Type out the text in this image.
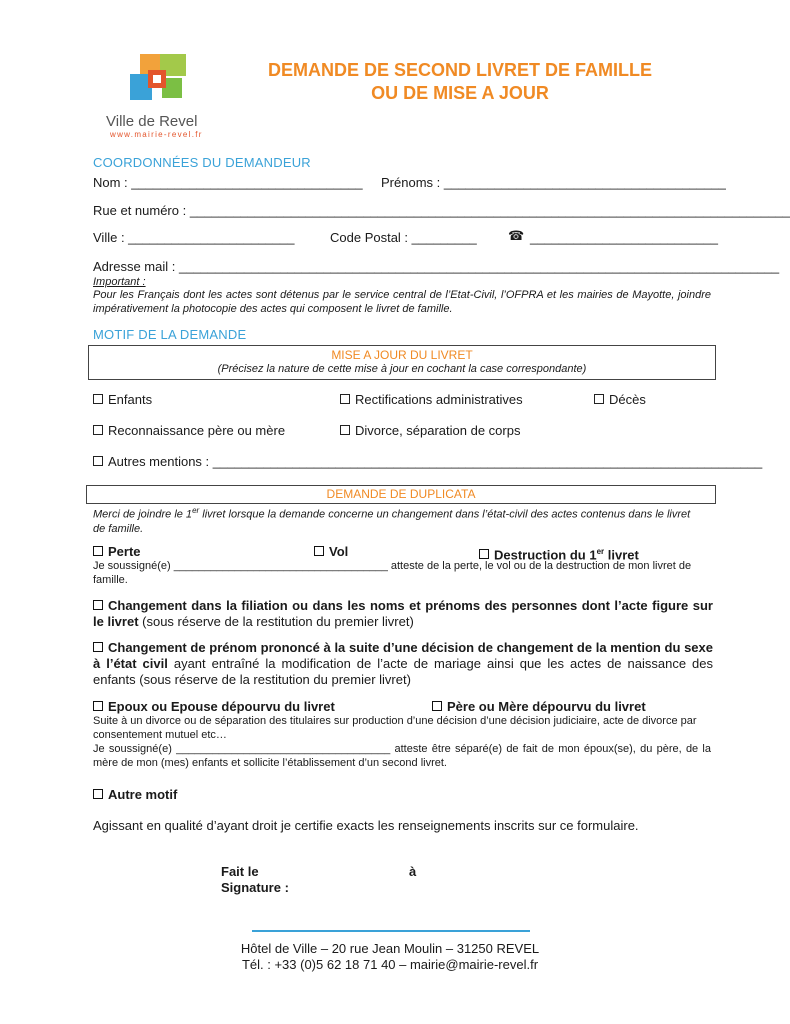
Ville de Revel
www.mairie-revel.fr
DEMANDE DE SECOND LIVRET DE FAMILLE
OU DE MISE A JOUR
COORDONNÉES DU DEMANDEUR
Nom : ________________________________ Prénoms : _______________________________________
Rue et numéro : ___________________________________________________________________________________
Ville : _______________________	Code Postal : _________ ☎ __________________________
Adresse mail : ___________________________________________________________________________________
Important :
Pour les Français dont les actes sont détenus par le service central de l’Etat-Civil, l’OFPRA et les mairies de Mayotte, joindre impérativement la photocopie des actes qui composent le livret de famille.
MOTIF DE LA DEMANDE
MISE A JOUR DU LIVRET
(Précisez la nature de cette mise à jour en cochant la case correspondante)
Enfants	Rectifications administratives	Décès
Reconnaissance père ou mère	Divorce, séparation de corps
Autres mentions : ____________________________________________________________________________
DEMANDE DE DUPLICATA
Merci de joindre le 1er livret lorsque la demande concerne un changement dans l’état-civil des actes contenus dans le livret de famille.
Perte	Vol	Destruction du 1er livret
Je soussigné(e) ___________________________________ atteste de la perte, le vol ou de la destruction de mon livret de famille.
Changement dans la filiation ou dans les noms et prénoms des personnes dont l’acte figure sur le livret (sous réserve de la restitution du premier livret)
Changement de prénom prononcé à la suite d’une décision de changement de la mention du sexe à l’état civil ayant entraîné la modification de l’acte de mariage ainsi que les actes de naissance des enfants (sous réserve de la restitution du premier livret)
Epoux ou Epouse dépourvu du livret	Père ou Mère dépourvu du livret
Suite à un divorce ou de séparation des titulaires sur production d’une décision d’une décision judiciaire, acte de divorce par consentement mutuel etc…
Je soussigné(e) ___________________________________ atteste être séparé(e) de fait de mon époux(se), du père, de la mère de mon (mes) enfants et sollicite l’établissement d’un second livret.
Autre motif
Agissant en qualité d’ayant droit je certifie exacts les renseignements inscrits sur ce formulaire.
Fait le	à
Signature :
Hôtel de Ville – 20 rue Jean Moulin – 31250 REVEL
Tél. : +33 (0)5 62 18 71 40 – mairie@mairie-revel.fr
